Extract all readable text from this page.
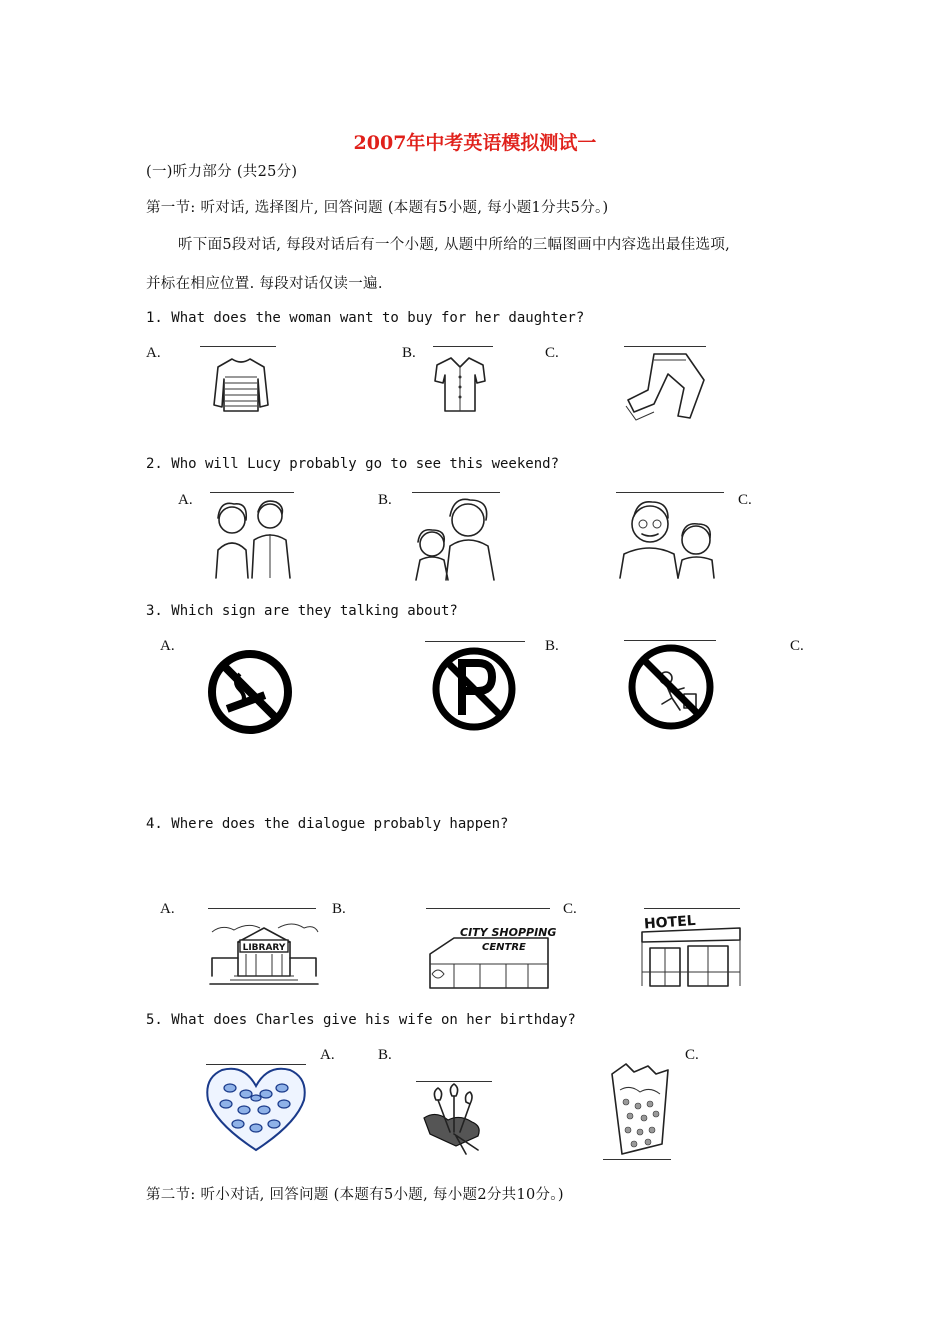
2007年中考英语模拟测试一
(一)听力部分 (共25分)
第一节: 听对话, 选择图片, 回答问题 (本题有5小题, 每小题1分共5分。)
听下面5段对话, 每段对话后有一个小题, 从题中所给的三幅图画中内容选出最佳选项,
并标在相应位置. 每段对话仅读一遍.
1. What does the woman want to buy for her daughter?
A.	B.	C.
2. Who will Lucy probably go to see this weekend?
A.	B.	C.
3. Which sign are they talking about?
A.	B.	C.
4. Where does the dialogue probably happen?
A.	B.	C.
LIBRARY
CITY SHOPPING
CENTRE
HOTEL
5. What does Charles give his wife on her birthday?
A.	B.	C.
第二节: 听小对话, 回答问题 (本题有5小题, 每小题2分共10分。)
